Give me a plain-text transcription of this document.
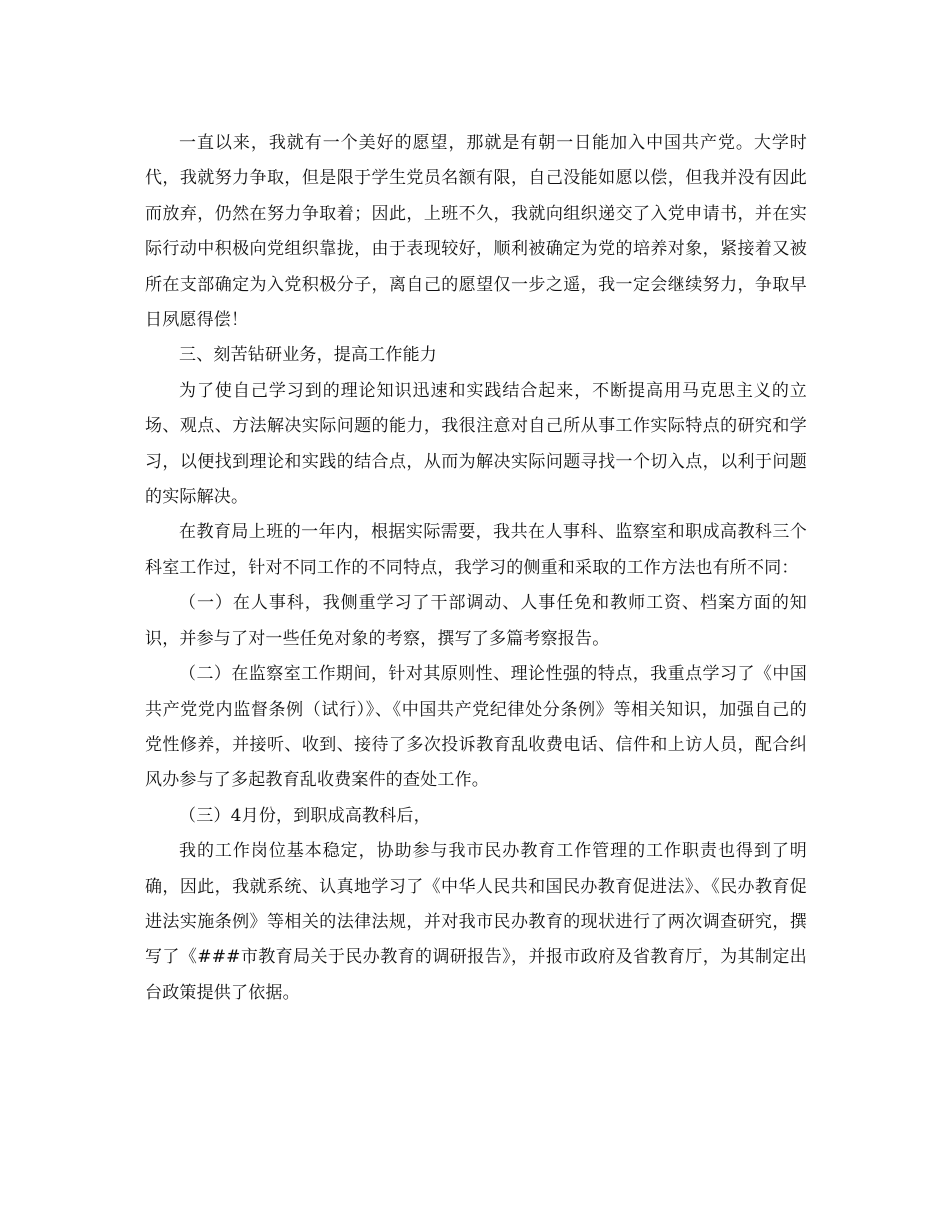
一直以来，我就有一个美好的愿望，那就是有朝一日能加入中国共产党。大学时代，我就努力争取，但是限于学生党员名额有限，自己没能如愿以偿，但我并没有因此而放弃，仍然在努力争取着；因此，上班不久，我就向组织递交了入党申请书，并在实际行动中积极向党组织靠拢，由于表现较好，顺利被确定为党的培养对象，紧接着又被所在支部确定为入党积极分子，离自己的愿望仅一步之遥，我一定会继续努力，争取早日夙愿得偿！

三、刻苦钻研业务，提高工作能力

为了使自己学习到的理论知识迅速和实践结合起来，不断提高用马克思主义的立场、观点、方法解决实际问题的能力，我很注意对自己所从事工作实际特点的研究和学习，以便找到理论和实践的结合点，从而为解决实际问题寻找一个切入点，以利于问题的实际解决。

在教育局上班的一年内，根据实际需要，我共在人事科、监察室和职成高教科三个科室工作过，针对不同工作的不同特点，我学习的侧重和采取的工作方法也有所不同：

（一）在人事科，我侧重学习了干部调动、人事任免和教师工资、档案方面的知识，并参与了对一些任免对象的考察，撰写了多篇考察报告。

（二）在监察室工作期间，针对其原则性、理论性强的特点，我重点学习了《中国共产党党内监督条例（试行）》、《中国共产党纪律处分条例》等相关知识，加强自己的党性修养，并接听、收到、接待了多次投诉教育乱收费电话、信件和上访人员，配合纠风办参与了多起教育乱收费案件的查处工作。

（三）4月份，到职成高教科后，

我的工作岗位基本稳定，协助参与我市民办教育工作管理的工作职责也得到了明确，因此，我就系统、认真地学习了《中华人民共和国民办教育促进法》、《民办教育促进法实施条例》等相关的法律法规，并对我市民办教育的现状进行了两次调查研究，撰写了《###市教育局关于民办教育的调研报告》，并报市政府及省教育厅，为其制定出台政策提供了依据。
